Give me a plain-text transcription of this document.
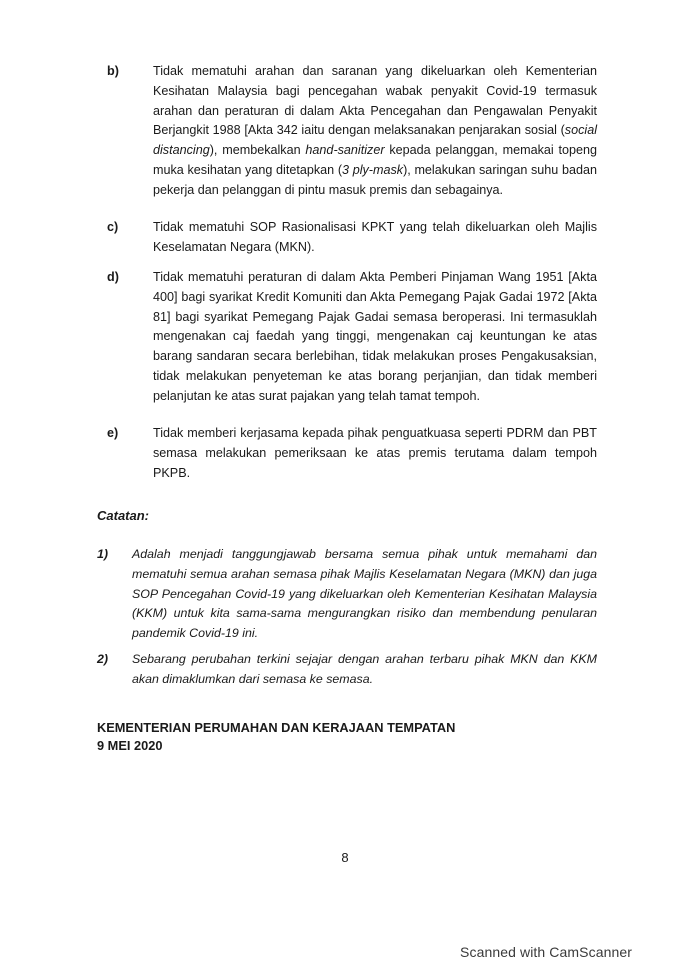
b)	Tidak mematuhi arahan dan saranan yang dikeluarkan oleh Kementerian Kesihatan Malaysia bagi pencegahan wabak penyakit Covid-19 termasuk arahan dan peraturan di dalam Akta Pencegahan dan Pengawalan Penyakit Berjangkit 1988 [Akta 342 iaitu dengan melaksanakan penjarakan sosial (social distancing), membekalkan hand-sanitizer kepada pelanggan, memakai topeng muka kesihatan yang ditetapkan (3 ply-mask), melakukan saringan suhu badan pekerja dan pelanggan di pintu masuk premis dan sebagainya.
c)	Tidak mematuhi SOP Rasionalisasi KPKT yang telah dikeluarkan oleh Majlis Keselamatan Negara (MKN).
d)	Tidak mematuhi peraturan di dalam Akta Pemberi Pinjaman Wang 1951 [Akta 400] bagi syarikat Kredit Komuniti dan Akta Pemegang Pajak Gadai 1972 [Akta 81] bagi syarikat Pemegang Pajak Gadai semasa beroperasi. Ini termasuklah mengenakan caj faedah yang tinggi, mengenakan caj keuntungan ke atas barang sandaran secara berlebihan, tidak melakukan proses Pengakusaksian, tidak melakukan penyeteman ke atas borang perjanjian, dan tidak memberi pelanjutan ke atas surat pajakan yang telah tamat tempoh.
e)	Tidak memberi kerjasama kepada pihak penguatkuasa seperti PDRM dan PBT semasa melakukan pemeriksaan ke atas premis terutama dalam tempoh PKPB.
Catatan:
1)	Adalah menjadi tanggungjawab bersama semua pihak untuk memahami dan mematuhi semua arahan semasa pihak Majlis Keselamatan Negara (MKN) dan juga SOP Pencegahan Covid-19 yang dikeluarkan oleh Kementerian Kesihatan Malaysia (KKM) untuk kita sama-sama mengurangkan risiko dan membendung penularan pandemik Covid-19 ini.
2)	Sebarang perubahan terkini sejajar dengan arahan terbaru pihak MKN dan KKM akan dimaklumkan dari semasa ke semasa.
KEMENTERIAN PERUMAHAN DAN KERAJAAN TEMPATAN
9 MEI 2020
8
Scanned with CamScanner
